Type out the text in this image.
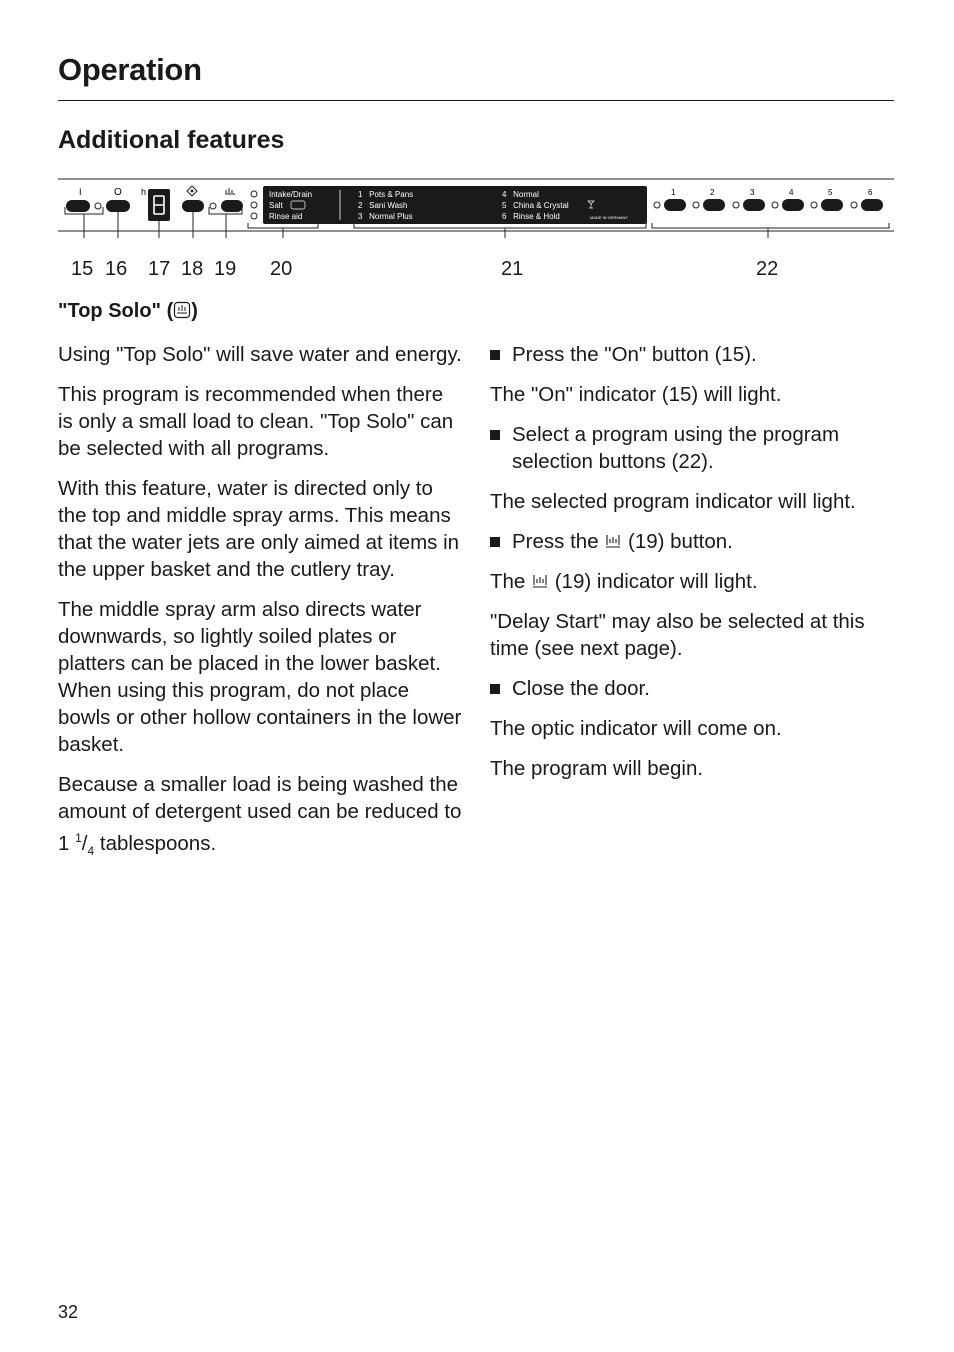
Operation
Additional features
I	O h	Intake/Drain
Salt
Rinse aid
1   Pots & Pans
2   Sani Wash
3   Normal Plus
4   Normal
5   China & Crystal
6   Rinse & Hold	MADE IN GERMANY
1	2	3	4	5	6
15 16 17 18 19 20	21	22
"Top Solo" ( )

Using "Top Solo" will save water and energy.

This program is recommended when there is only a small load to clean. "Top Solo" can be selected with all programs.

With this feature, water is directed only to the top and middle spray arms. This means that the water jets are only aimed at items in the upper basket and the cutlery tray.

The middle spray arm also directs water downwards, so lightly soiled plates or platters can be placed in the lower basket.

When using this program, do not place bowls or other hollow containers in the lower basket.

Because a smaller load is being washed the amount of detergent used can be reduced to 1 $^1/_4$ tablespoons.

Press the "On" button (15).

The "On" indicator (15) will light.

Select a program using the program selection buttons (22).

The selected program indicator will light.

Press the  (19) button.

The  (19) indicator will light.

"Delay Start" may also be selected at this time (see next page).

Close the door.

The optic indicator will come on.

The program will begin.

32
